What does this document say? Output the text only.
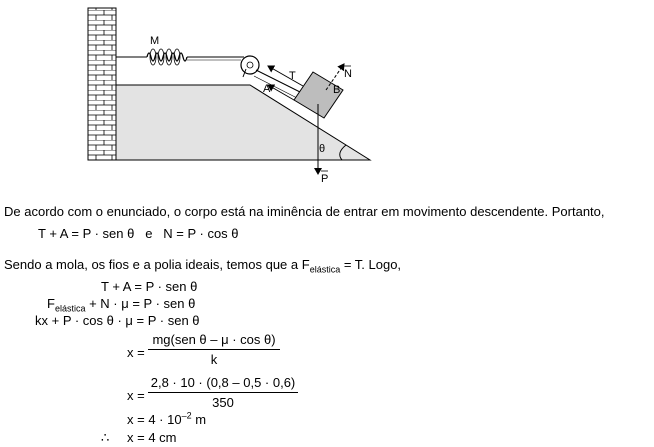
M
T
A	B
N
P
θ
De acordo com o enunciado, o corpo está na iminência de entrar em movimento descendente. Portanto,
T + A = P · sen θ   e   N = P · cos θ
Sendo a mola, os fios e a polia ideais, temos que a $F_{elástica} = T$. Logo,
T + A = P · sen θ
$F_{elástica} + N \cdot \mu = P$ · sen θ
kx + P · cos θ · μ = P · sen θ
x =
mg(sen θ – μ · cos θ)
k
$x = \frac{2,8 \cdot 10 \cdot (0,8 - 0,5 \cdot 0,6)}{350}$
$x = 4 \cdot 10^{-2}$ m
∴ x = 4 cm
